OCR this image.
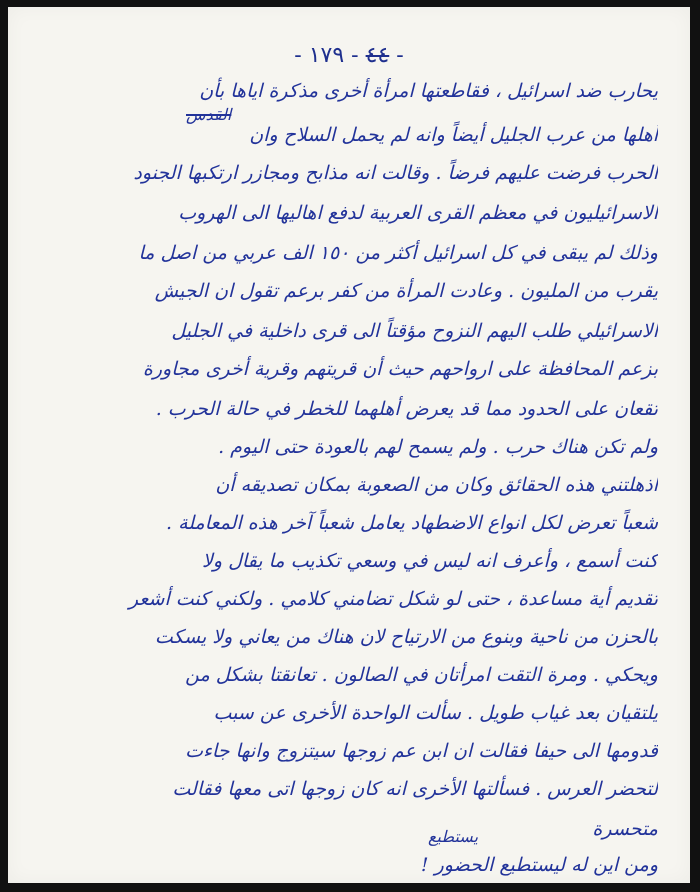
-	٤٤ - ١٧٩ -
يحارب ضد اسرائيل ، فقاطعتها امرأة أخرى مذكرة اياها بأن
أهلها من عرب الجليل أيضاً وانه لم يحمل السلاح وان
الحرب فرضت عليهم فرضاً . وقالت انه مذابح ومجازر ارتكبها الجنود
الاسرائيليون في معظم القرى العربية لدفع اهاليها الى الهروب
وذلك لم يبقى في كل اسرائيل أكثر من ١٥٠ الف عربي من اصل ما
يقرب من المليون . وعادت المرأة من كفر برعم تقول ان الجيش
الاسرائيلي طلب اليهم النزوح مؤقتاً الى قرى داخلية في الجليل
بزعم المحافظة على ارواحهم حيث أن قريتهم وقرية أخرى مجاورة
تقعان على الحدود مما قد يعرض أهلهما للخطر في حالة الحرب .
ولم تكن هناك حرب . ولم يسمح لهم بالعودة حتى اليوم .
اذهلتني هذه الحقائق وكان من الصعوبة بمكان تصديقه أن
شعباً تعرض لكل انواع الاضطهاد يعامل شعباً آخر هذه المعاملة .
كنت أسمع ، وأعرف انه ليس في وسعي تكذيب ما يقال ولا
تقديم أية مساعدة ، حتى لو شكل تضامني كلامي . ولكني كنت أشعر
بالحزن من ناحية وبنوع من الارتياح لان هناك من يعاني ولا يسكت
ويحكي . ومرة التقت امرأتان في الصالون . تعانقتا بشكل من
يلتقيان بعد غياب طويل . سألت الواحدة الأخرى عن سبب
قدومها الى حيفا فقالت ان ابن عم زوجها سيتزوج وانها جاءت
لتحضر العرس . فسألتها الأخرى انه كان زوجها اتى معها فقالت
متحسرة
ومن اين له ليستطيع الحضور !
القدس
يستطيع
